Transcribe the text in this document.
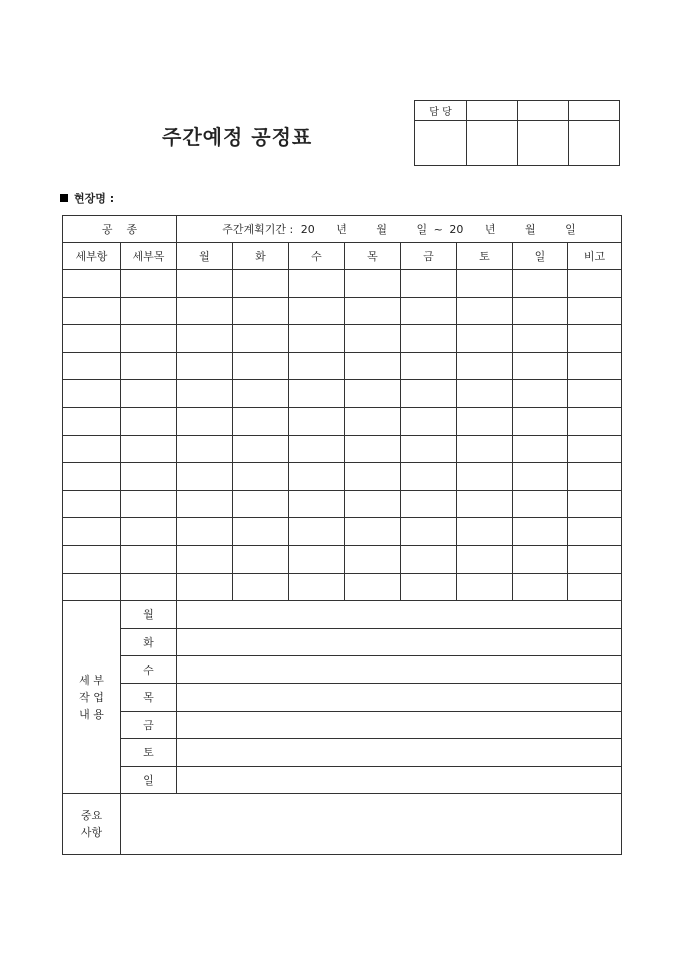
주간예정 공정표
담 당			

현장명 :
공    종		주간계획기간 : 20 년 월 일 ~ 20 년 월 일							
세부항	세부목	월	화	수	목	금	토	일	비고

세 부
작 업
내 용	월								
	화								
	수								
	목								
	금								
	토								
	일								
중요
사항									
